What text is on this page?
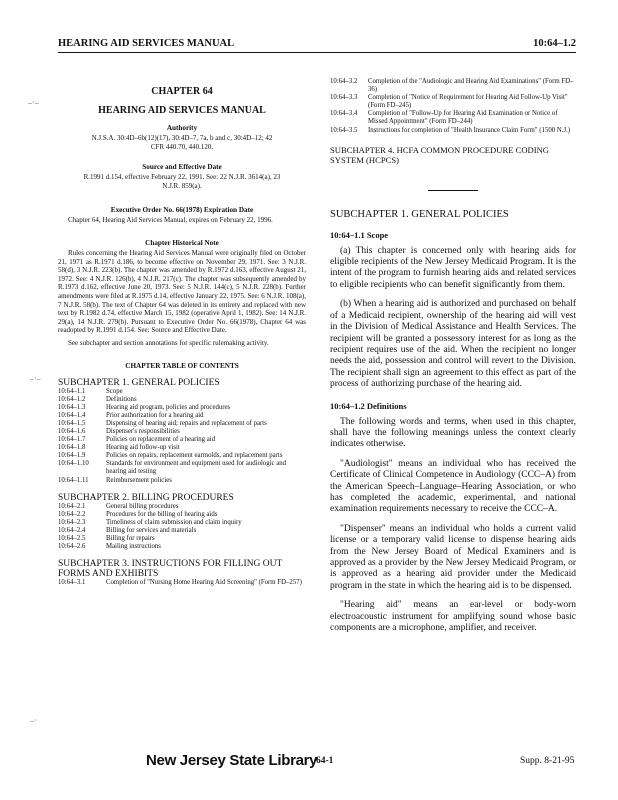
HEARING AID SERVICES MANUAL	10:64–1.2
–·–
–·–
–·
CHAPTER 64
HEARING AID SERVICES MANUAL
Authority
N.J.S.A. 30:4D–6b(12)(17), 30:4D–7, 7a, b and c, 30:4D–12; 42 CFR 440.70, 440.120.
Source and Effective Date
R.1991 d.154, effective February 22, 1991. See: 22 N.J.R. 3614(a), 23 N.J.R. 859(a).
Executive Order No. 66(1978) Expiration Date
Chapter 64, Hearing Aid Services Manual, expires on February 22, 1996.
Chapter Historical Note
Rules concerning the Hearing Aid Services Manual were originally filed on October 21, 1971 as R.1971 d.186, to become effective on November 29, 1971. See: 3 N.J.R. 58(d), 3 N.J.R. 223(b). The chapter was amended by R.1972 d.163, effective August 21, 1972. See: 4 N.J.R. 126(b), 4 N.J.R. 217(c). The chapter was subsequently amended by R.1973 d.162, effective June 20, 1973. See: 5 N.J.R. 144(c), 5 N.J.R. 228(b). Further amendments were filed at R.1975 d.14, effective January 22, 1975. See: 6 N.J.R. 108(a), 7 N.J.R. 58(b). The text of Chapter 64 was deleted in its entirety and replaced with new text by R.1982 d.74, effective March 15, 1982 (operative April 1, 1982). See: 14 N.J.R. 29(a), 14 N.J.R. 279(b). Pursuant to Executive Order No. 66(1978), Chapter 64 was readopted by R.1991 d.154. See: Source and Effective Date.
See subchapter and section annotations for specific rulemaking activity.
CHAPTER TABLE OF CONTENTS
SUBCHAPTER 1. GENERAL POLICIES
10:64–1.1	Scope
10:64–1.2	Definitions
10:64–1.3	Hearing aid program, policies and procedures
10:64–1.4	Prior authorization for a hearing aid
10:64–1.5	Dispensing of hearing aid; repairs and replacement of parts
10:64–1.6	Dispenser's responsibilities
10:64–1.7	Policies on replacement of a hearing aid
10:64–1.8	Hearing aid follow-up visit
10:64–1.9	Policies on repairs, replacement earmolds, and replacement parts
10:64–1.10	Standards for environment and equipment used for audiologic and hearing aid testing
10:64–1.11	Reimbursement policies
SUBCHAPTER 2. BILLING PROCEDURES
10:64–2.1	General billing procedures
10:64–2.2	Procedures for the billing of hearing aids
10:64–2.3	Timeliness of claim submission and claim inquiry
10:64–2.4	Billing for services and materials
10:64–2.5	Billing for repairs
10:64–2.6	Mailing instructions
SUBCHAPTER 3. INSTRUCTIONS FOR FILLING OUT FORMS AND EXHIBITS
10:64–3.1	Completion of "Nursing Home Hearing Aid Screening" (Form FD–257)
10:64–3.2	Completion of the "Audiologic and Hearing Aid Examinations" (Form FD–36)
10:64–3.3	Completion of "Notice of Requirement for Hearing Aid Follow-Up Visit" (Form FD–245)
10:64–3.4	Completion of "Follow-Up for Hearing Aid Examination or Notice of Missed Appointment" (Form FD–244)
10:64–3.5	Instructions for completion of "Health Insurance Claim Form" (1500 N.J.)
SUBCHAPTER 4. HCFA COMMON PROCEDURE CODING SYSTEM (HCPCS)
SUBCHAPTER 1. GENERAL POLICIES
10:64–1.1 Scope
(a) This chapter is concerned only with hearing aids for eligible recipients of the New Jersey Medicaid Program. It is the intent of the program to furnish hearing aids and related services to eligible recipients who can benefit significantly from them.
(b) When a hearing aid is authorized and purchased on behalf of a Medicaid recipient, ownership of the hearing aid will vest in the Division of Medical Assistance and Health Services. The recipient will be granted a possessory interest for as long as the recipient requires use of the aid. When the recipient no longer needs the aid, possession and control will revert to the Division. The recipient shall sign an agreement to this effect as part of the process of authorizing purchase of the hearing aid.
10:64–1.2 Definitions
The following words and terms, when used in this chapter, shall have the following meanings unless the context clearly indicates otherwise.
"Audiologist" means an individual who has received the Certificate of Clinical Competence in Audiology (CCC–A) from the American Speech–Language–Hearing Association, or who has completed the academic, experimental, and national examination requirements necessary to receive the CCC–A.
"Dispenser" means an individual who holds a current valid license or a temporary valid license to dispense hearing aids from the New Jersey Board of Medical Examiners and is approved as a provider by the New Jersey Medicaid Program, or is approved as a hearing aid provider under the Medicaid program in the state in which the hearing aid is to be dispensed.
"Hearing aid" means an ear-level or body-worn electroacoustic instrument for amplifying sound whose basic components are a microphone, amplifier, and receiver.
New Jersey State Library
64-1	Supp. 8-21-95
